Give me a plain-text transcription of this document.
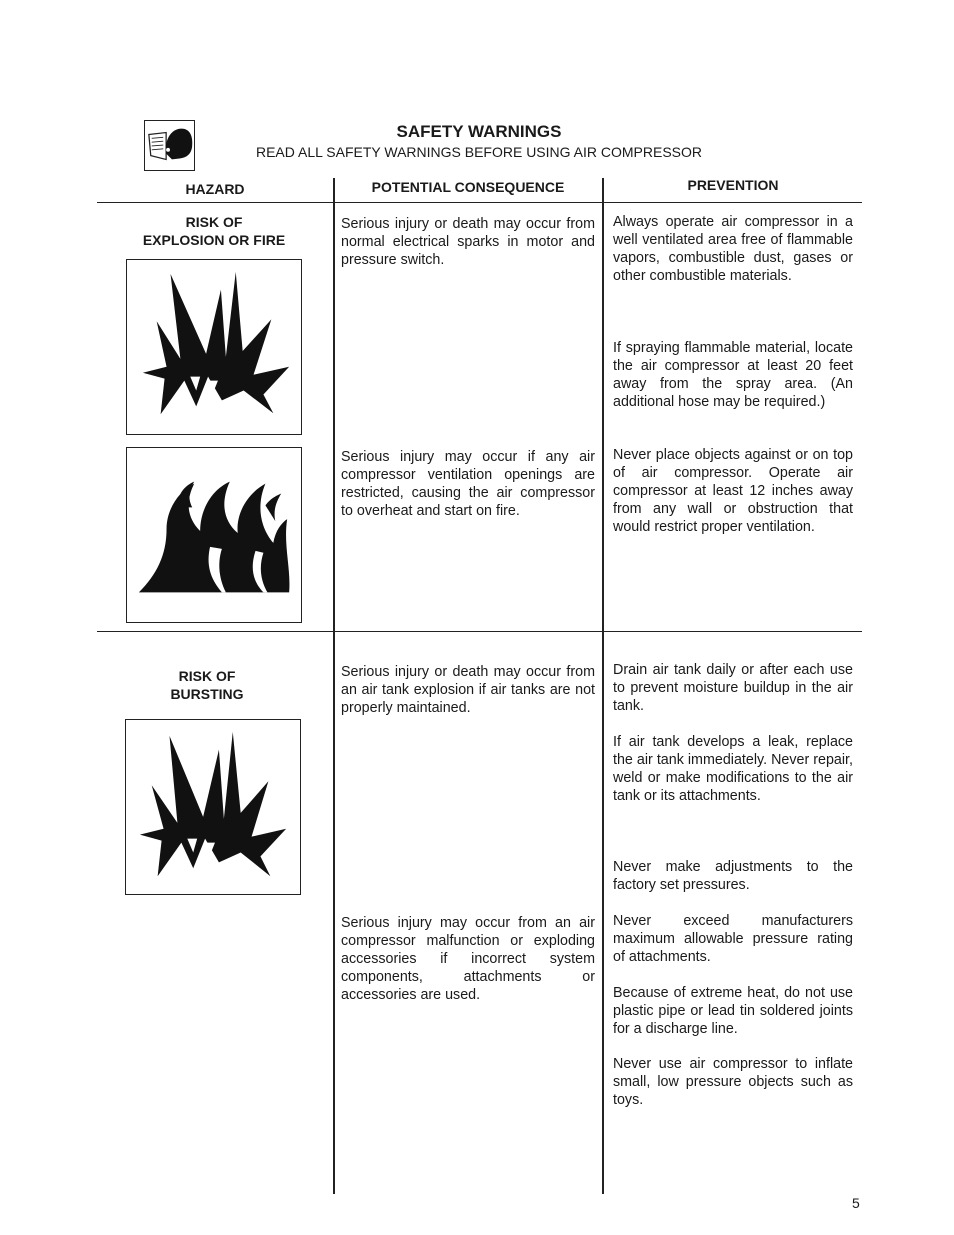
SAFETY WARNINGS
READ ALL SAFETY WARNINGS BEFORE USING AIR COMPRESSOR
HAZARD	POTENTIAL CONSEQUENCE	PREVENTION
RISK OF
EXPLOSION OR FIRE
Serious injury or death may occur from normal electrical sparks in motor and pressure switch.
Serious injury may occur if any air compressor ventilation openings are restricted, causing the air compressor to overheat and start on fire.
Always operate air compressor in a well ventilated area free of flammable vapors, combustible dust, gases or other combustible materials.
If spraying flammable material, locate the air compressor at least 20 feet away from the spray area. (An additional hose may be required.)
Never place objects against or on top of air compressor. Operate air compressor at least 12 inches away from any wall or obstruction that would restrict proper ventilation.
RISK OF
BURSTING
Serious injury or death may occur from an air tank explosion if air tanks are not properly maintained.
Serious injury may occur from an air compressor malfunction or exploding accessories if incorrect system components, attachments or accessories are used.
Drain air tank daily or after each use to prevent moisture buildup in the air tank.
If air tank develops a leak, replace the air tank immediately. Never repair, weld or make modifications to the air tank or its attachments.
Never make adjustments to the factory set pressures.
Never exceed manufacturers maximum allowable pressure rating of attachments.
Because of extreme heat, do not use plastic pipe or lead tin soldered joints for a discharge line.
Never use air compressor to inflate small, low pressure objects such as toys.
5
